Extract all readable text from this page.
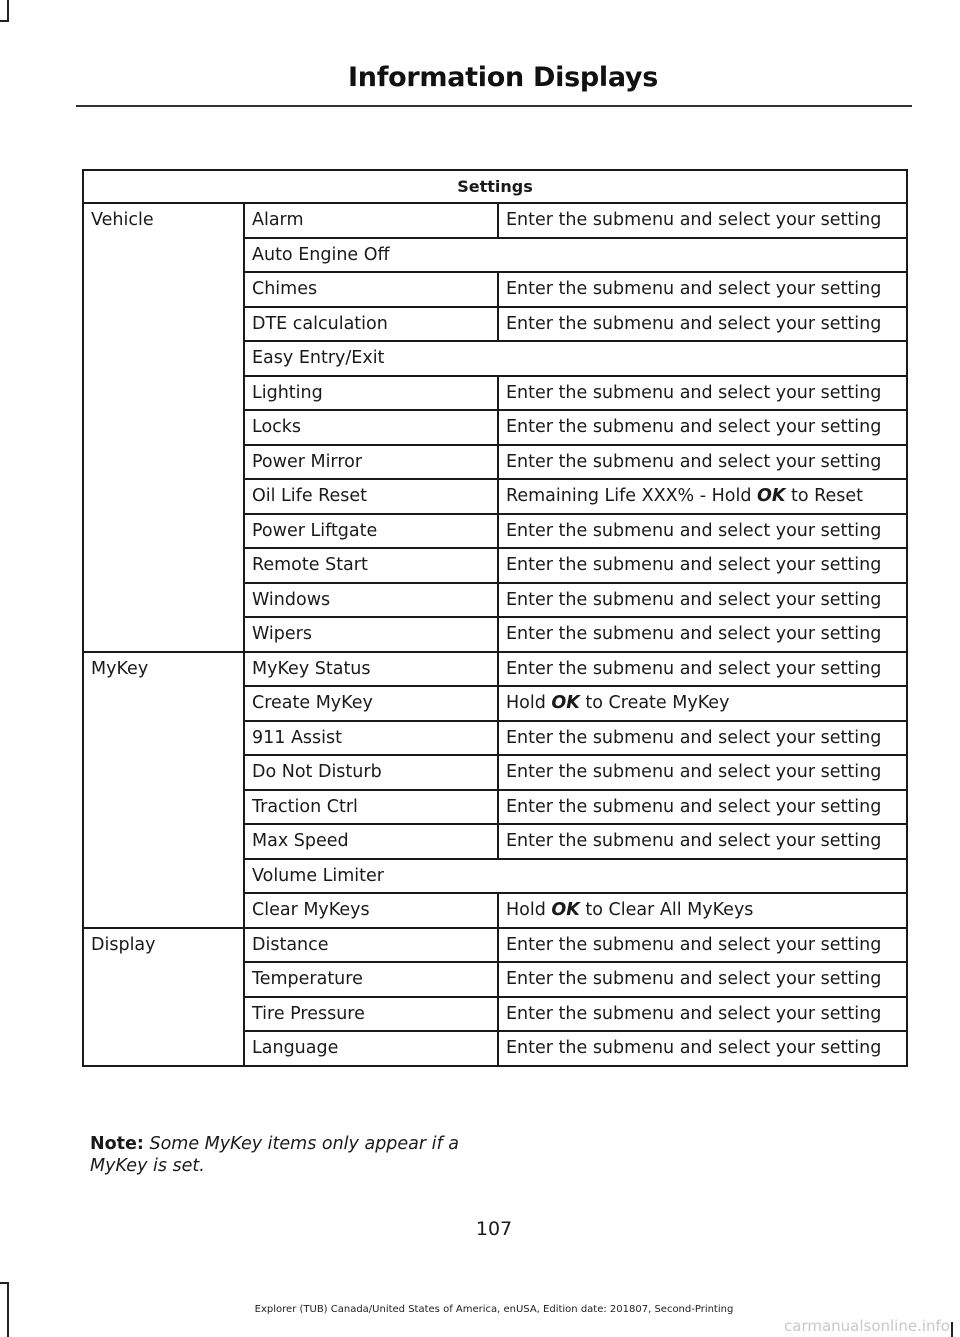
Information Displays
Settings		
Vehicle	Alarm	Enter the submenu and select your setting
	Auto Engine Off	
	Chimes	Enter the submenu and select your setting
	DTE calculation	Enter the submenu and select your setting
	Easy Entry/Exit	
	Lighting	Enter the submenu and select your setting
	Locks	Enter the submenu and select your setting
	Power Mirror	Enter the submenu and select your setting
	Oil Life Reset	Remaining Life XXX% - Hold OK to Reset
	Power Liftgate	Enter the submenu and select your setting
	Remote Start	Enter the submenu and select your setting
	Windows	Enter the submenu and select your setting
	Wipers	Enter the submenu and select your setting
MyKey	MyKey Status	Enter the submenu and select your setting
	Create MyKey	Hold OK to Create MyKey
	911 Assist	Enter the submenu and select your setting
	Do Not Disturb	Enter the submenu and select your setting
	Traction Ctrl	Enter the submenu and select your setting
	Max Speed	Enter the submenu and select your setting
	Volume Limiter	
	Clear MyKeys	Hold OK to Clear All MyKeys
Display	Distance	Enter the submenu and select your setting
	Temperature	Enter the submenu and select your setting
	Tire Pressure	Enter the submenu and select your setting
	Language	Enter the submenu and select your setting
Note: Some MyKey items only appear if a MyKey is set.
107
Explorer (TUB) Canada/United States of America, enUSA, Edition date: 201807, Second-Printing
carmanualsonline.info
